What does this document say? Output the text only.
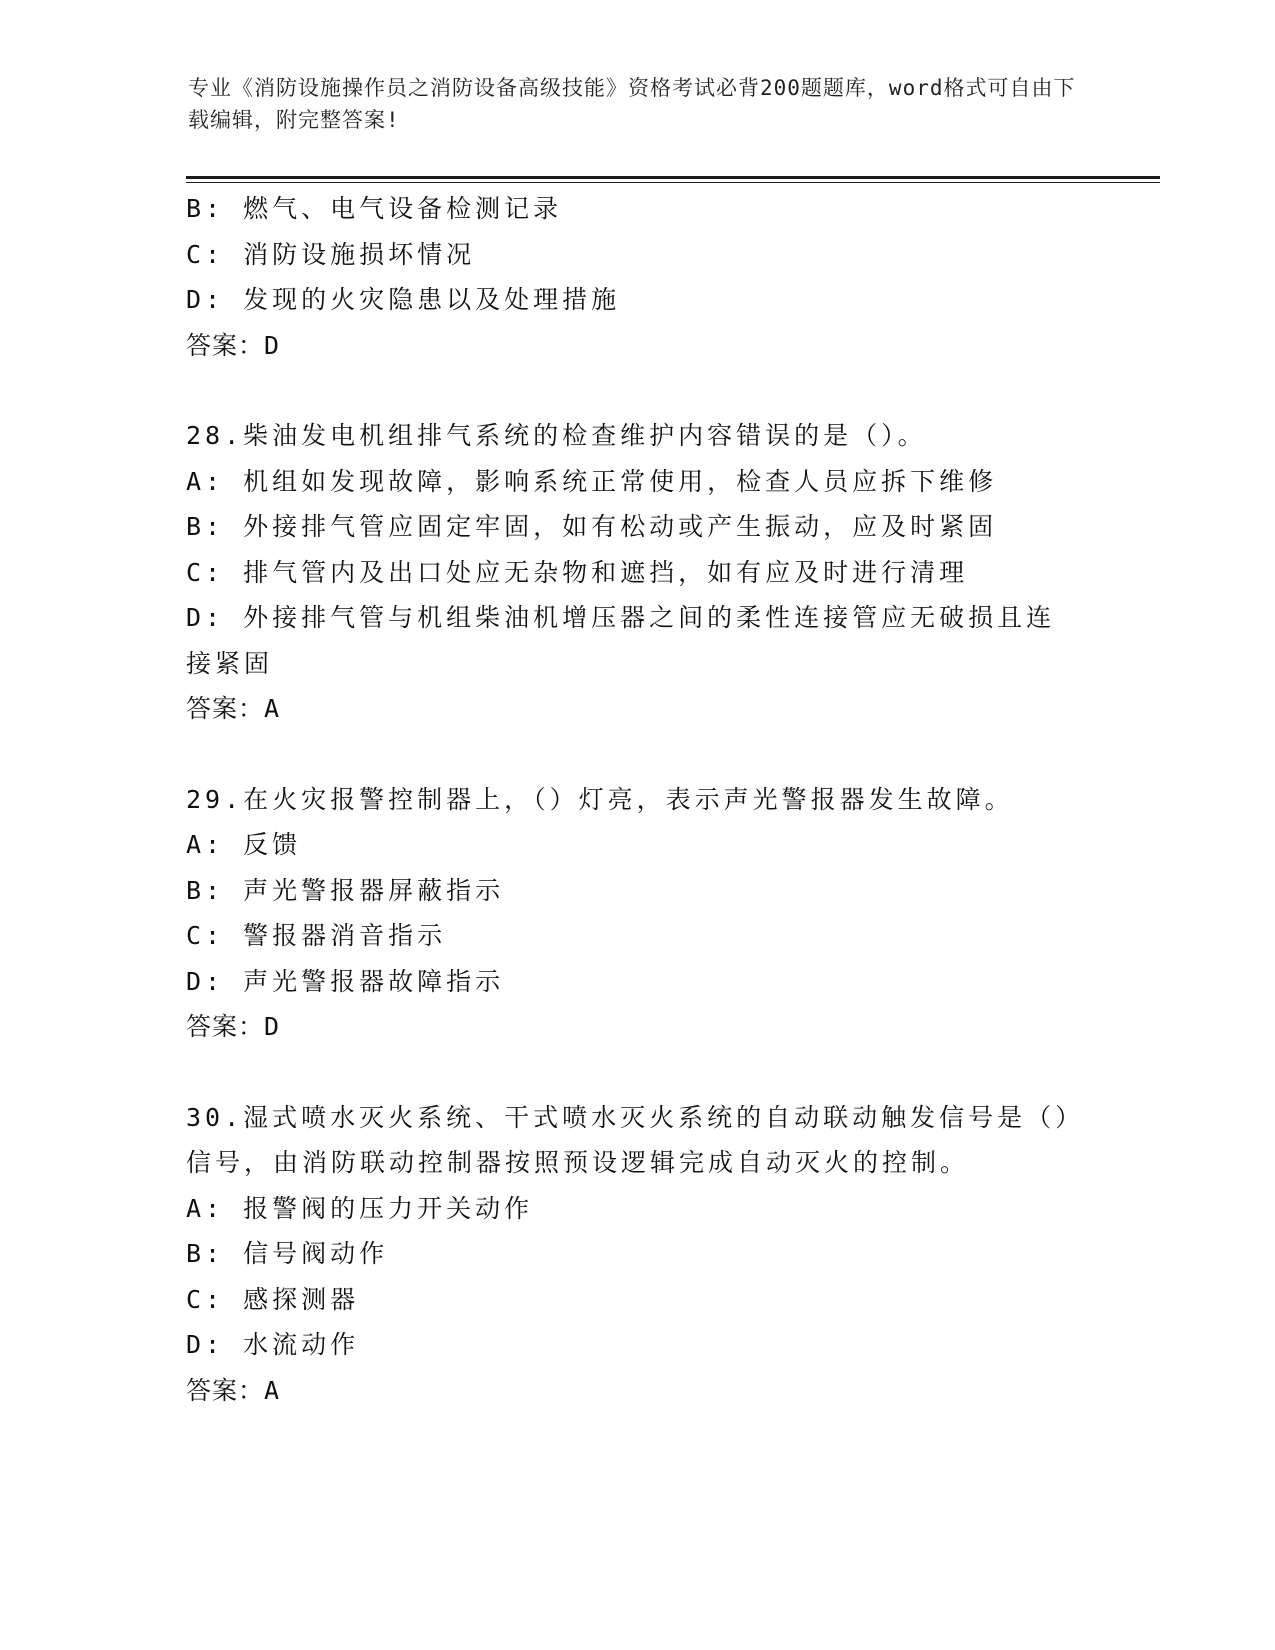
专业《消防设施操作员之消防设备高级技能》资格考试必背200题题库，word格式可自由下载编辑，附完整答案!
B: 燃气、电气设备检测记录
C: 消防设施损坏情况
D: 发现的火灾隐患以及处理措施
答案：D
28.柴油发电机组排气系统的检查维护内容错误的是（）。
A: 机组如发现故障，影响系统正常使用，检查人员应拆下维修
B: 外接排气管应固定牢固，如有松动或产生振动，应及时紧固
C: 排气管内及出口处应无杂物和遮挡，如有应及时进行清理
D: 外接排气管与机组柴油机增压器之间的柔性连接管应无破损且连接紧固
答案：A
29.在火灾报警控制器上，（）灯亮，表示声光警报器发生故障。
A: 反馈
B: 声光警报器屏蔽指示
C: 警报器消音指示
D: 声光警报器故障指示
答案：D
30.湿式喷水灭火系统、干式喷水灭火系统的自动联动触发信号是（）信号，由消防联动控制器按照预设逻辑完成自动灭火的控制。
A: 报警阀的压力开关动作
B: 信号阀动作
C: 感探测器
D: 水流动作
答案：A
